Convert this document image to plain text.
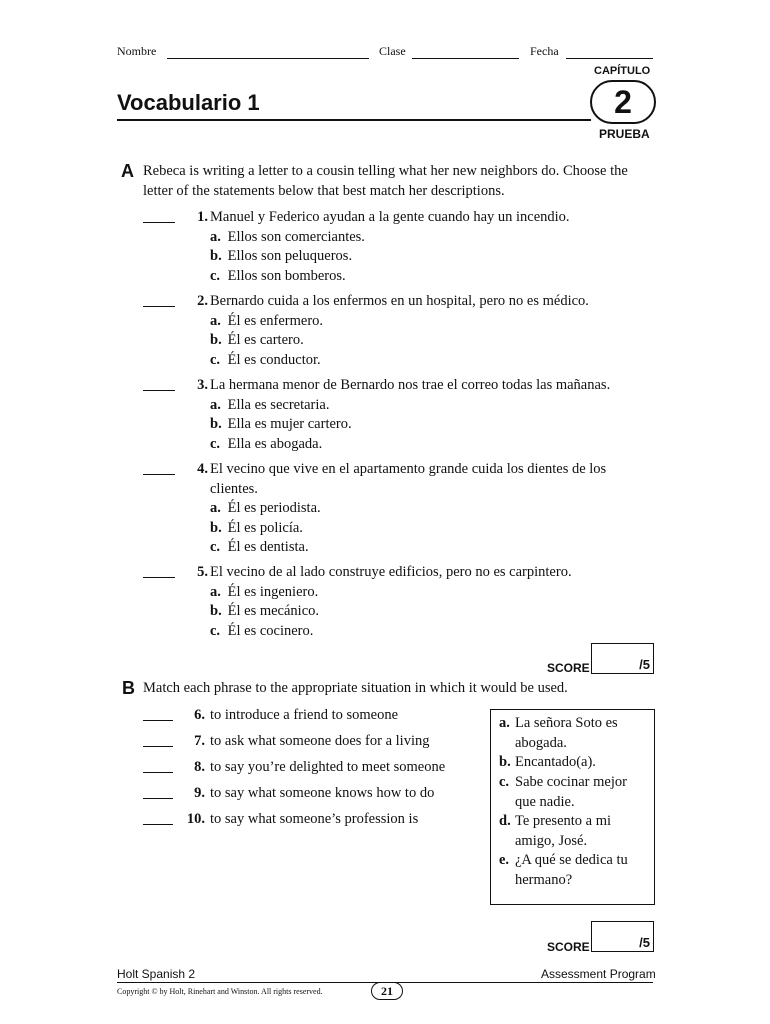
Nombre	Clase	Fecha
CAPÍTULO
2
Vocabulario 1
PRUEBA
A Rebeca is writing a letter to a cousin telling what her new neighbors do. Choose the letter of the statements below that best match her descriptions.
1. Manuel y Federico ayudan a la gente cuando hay un incendio.
a. Ellos son comerciantes.
b. Ellos son peluqueros.
c. Ellos son bomberos.
2. Bernardo cuida a los enfermos en un hospital, pero no es médico.
a. Él es enfermero.
b. Él es cartero.
c. Él es conductor.
3. La hermana menor de Bernardo nos trae el correo todas las mañanas.
a. Ella es secretaria.
b. Ella es mujer cartero.
c. Ella es abogada.
4. El vecino que vive en el apartamento grande cuida los dientes de los clientes.
a. Él es periodista.
b. Él es policía.
c. Él es dentista.
5. El vecino de al lado construye edificios, pero no es carpintero.
a. Él es ingeniero.
b. Él es mecánico.
c. Él es cocinero.
SCORE	/5
B Match each phrase to the appropriate situation in which it would be used.
6. to introduce a friend to someone
7. to ask what someone does for a living
8. to say you’re delighted to meet someone
9. to say what someone knows how to do
10. to say what someone’s profession is
a. La señora Soto es
abogada.
b. Encantado(a).
c. Sabe cocinar mejor
que nadie.
d. Te presento a mi
amigo, José.
e. ¿A qué se dedica tu
hermano?
SCORE	/5
Holt Spanish 2	Assessment Program
Copyright © by Holt, Rinehart and Winston. All rights reserved.	21
